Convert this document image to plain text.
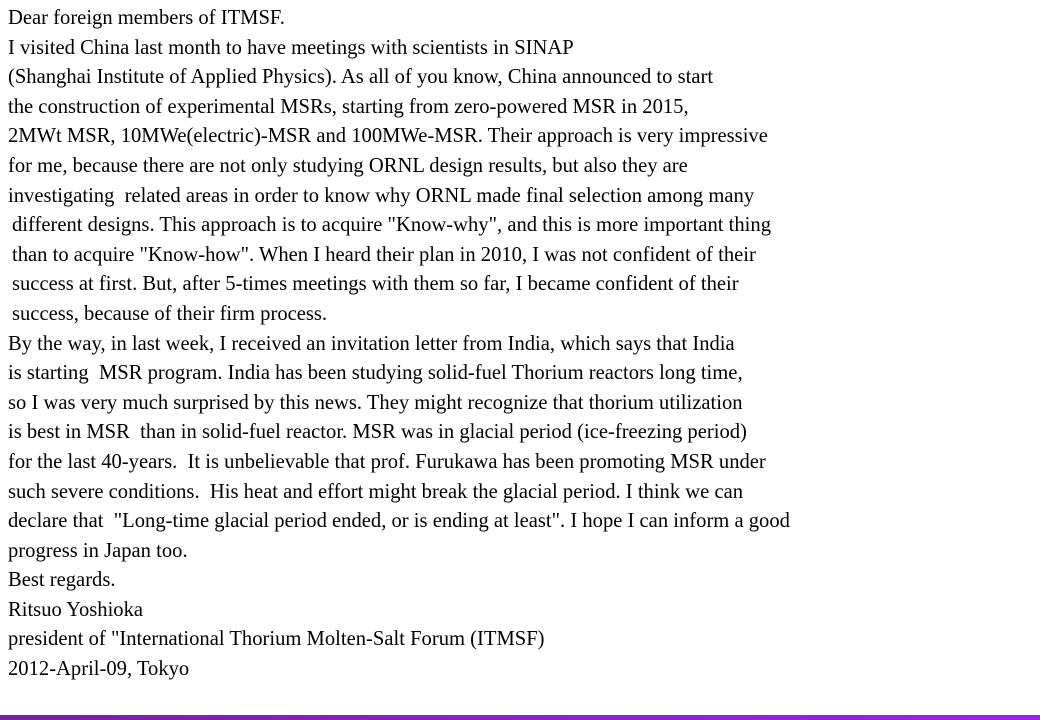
Dear foreign members of ITMSF.
I visited China last month to have meetings with scientists in SINAP
(Shanghai Institute of Applied Physics). As all of you know, China announced to start
the construction of experimental MSRs, starting from zero-powered MSR in 2015,
2MWt MSR, 10MWe(electric)-MSR and 100MWe-MSR. Their approach is very impressive
for me, because there are not only studying ORNL design results, but also they are
investigating  related areas in order to know why ORNL made final selection among many
different designs. This approach is to acquire "Know-why", and this is more important thing
than to acquire "Know-how". When I heard their plan in 2010, I was not confident of their
success at first. But, after 5-times meetings with them so far, I became confident of their
success, because of their firm process.
By the way, in last week, I received an invitation letter from India, which says that India
is starting  MSR program. India has been studying solid-fuel Thorium reactors long time,
so I was very much surprised by this news. They might recognize that thorium utilization
is best in MSR  than in solid-fuel reactor. MSR was in glacial period (ice-freezing period)
for the last 40-years.  It is unbelievable that prof. Furukawa has been promoting MSR under
such severe conditions.  His heat and effort might break the glacial period. I think we can
declare that  "Long-time glacial period ended, or is ending at least". I hope I can inform a good
progress in Japan too.
Best regards.
Ritsuo Yoshioka
president of "International Thorium Molten-Salt Forum (ITMSF)
2012-April-09, Tokyo
